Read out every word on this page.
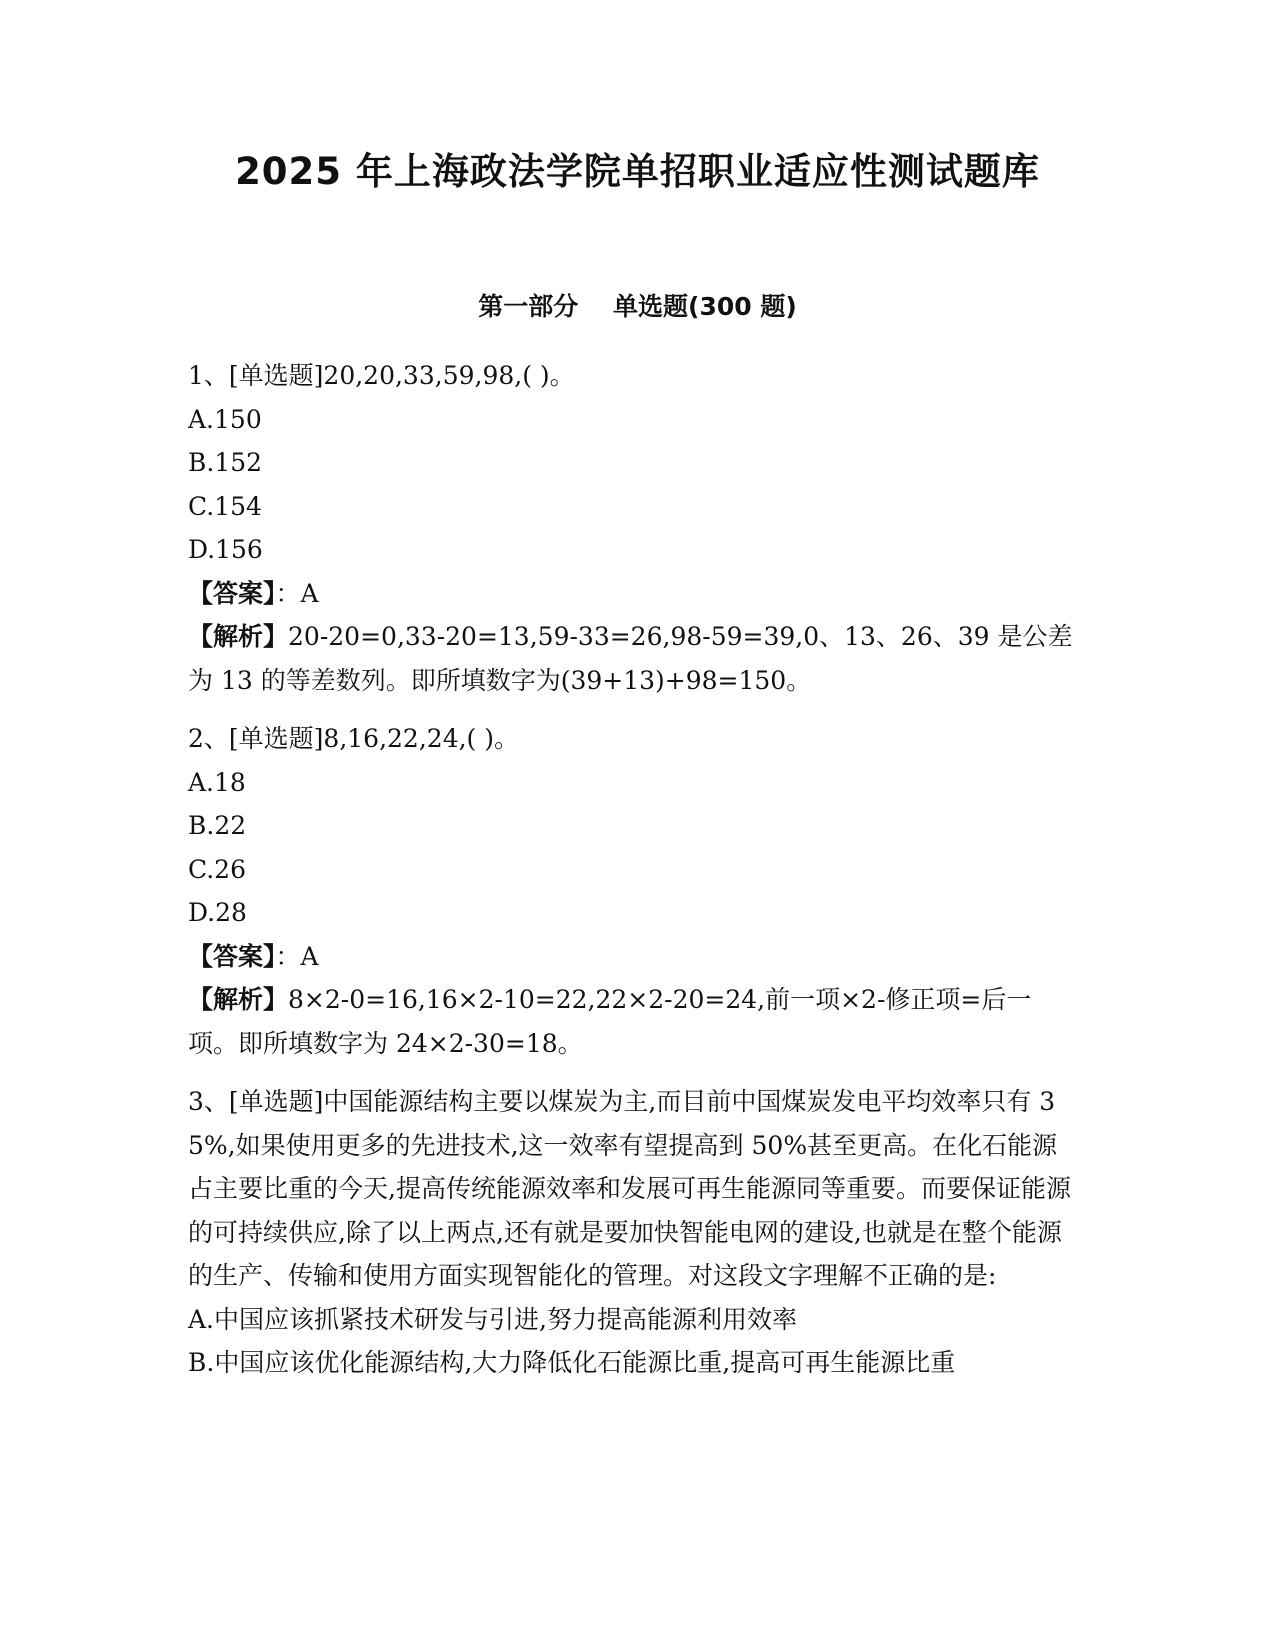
2025 年上海政法学院单招职业适应性测试题库
第一部分    单选题(300 题)

1、[单选题]20,20,33,59,98,( )。

A.150

B.152

C.154

D.156

【答案】：A

【解析】20-20=0,33-20=13,59-33=26,98-59=39,0、13、26、39 是公差为 13 的等差数列。即所填数字为(39+13)+98=150。

2、[单选题]8,16,22,24,( )。

A.18

B.22

C.26

D.28

【答案】：A

【解析】8×2-0=16,16×2-10=22,22×2-20=24,前一项×2-修正项=后一项。即所填数字为 24×2-30=18。

3、[单选题]中国能源结构主要以煤炭为主,而目前中国煤炭发电平均效率只有 35%,如果使用更多的先进技术,这一效率有望提高到 50%甚至更高。在化石能源占主要比重的今天,提高传统能源效率和发展可再生能源同等重要。而要保证能源的可持续供应,除了以上两点,还有就是要加快智能电网的建设,也就是在整个能源的生产、传输和使用方面实现智能化的管理。对这段文字理解不正确的是:

A.中国应该抓紧技术研发与引进,努力提高能源利用效率

B.中国应该优化能源结构,大力降低化石能源比重,提高可再生能源比重
